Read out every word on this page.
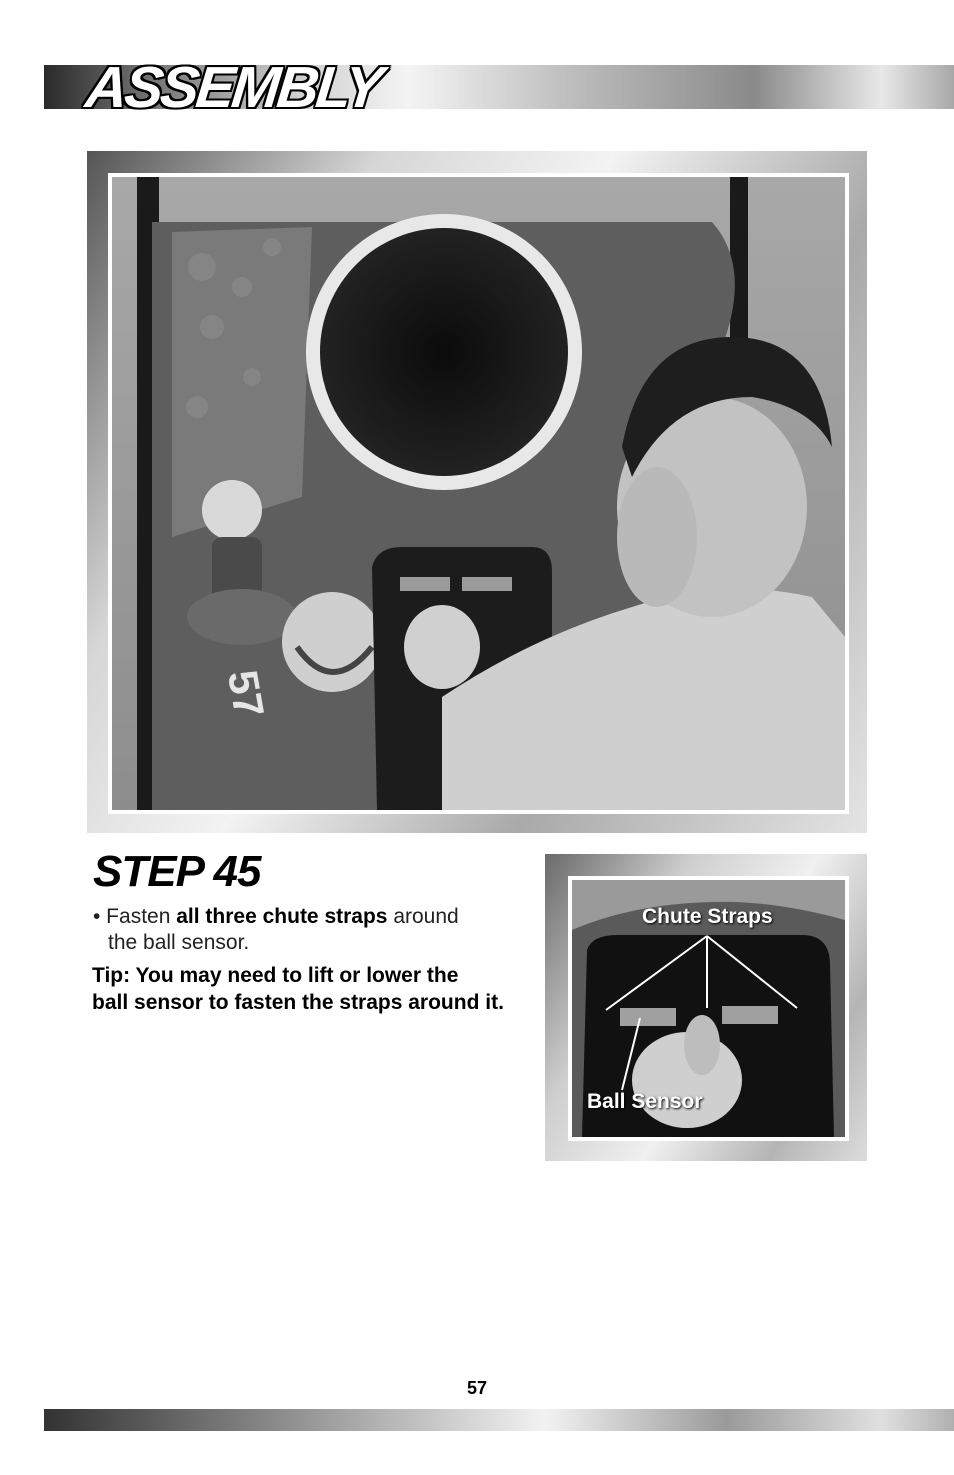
ASSEMBLY
57
STEP 45
• Fasten all three chute straps around
the ball sensor.
Tip: You may need to lift or lower the
ball sensor to fasten the straps around it.
Chute Straps
Ball Sensor
57
